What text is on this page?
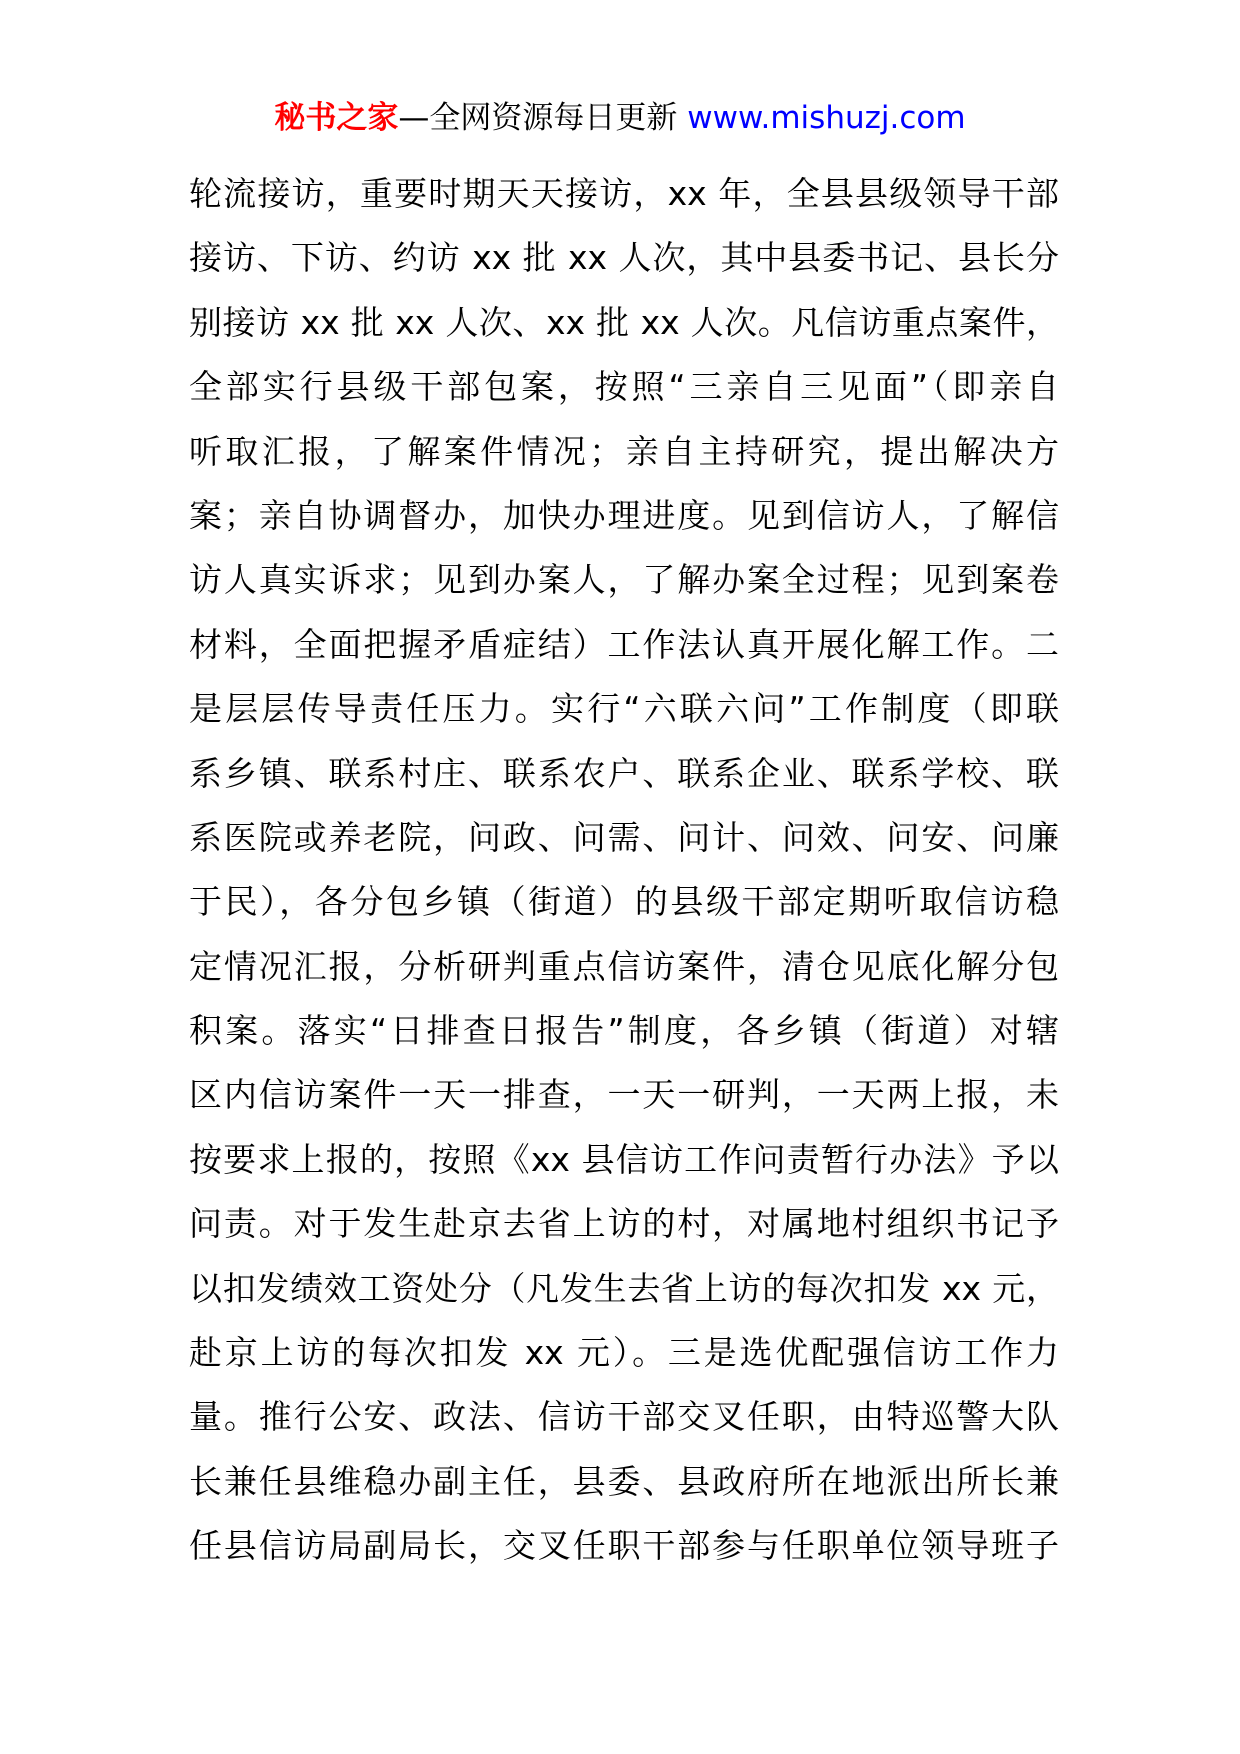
秘书之家—全网资源每日更新 www.mishuzj.com
轮流接访，重要时期天天接访，xx 年，全县县级领导干部
接访、下访、约访 xx 批 xx 人次，其中县委书记、县长分
别接访 xx 批 xx 人次、xx 批 xx 人次。凡信访重点案件，
全部实行县级干部包案，按照“三亲自三见面”（即亲自
听取汇报，了解案件情况；亲自主持研究，提出解决方
案；亲自协调督办，加快办理进度。见到信访人，了解信
访人真实诉求；见到办案人，了解办案全过程；见到案卷
材料，全面把握矛盾症结）工作法认真开展化解工作。二
是层层传导责任压力。实行“六联六问”工作制度（即联
系乡镇、联系村庄、联系农户、联系企业、联系学校、联
系医院或养老院，问政、问需、问计、问效、问安、问廉
于民），各分包乡镇（街道）的县级干部定期听取信访稳
定情况汇报，分析研判重点信访案件，清仓见底化解分包
积案。落实“日排查日报告”制度，各乡镇（街道）对辖
区内信访案件一天一排查，一天一研判，一天两上报，未
按要求上报的，按照《xx 县信访工作问责暂行办法》予以
问责。对于发生赴京去省上访的村，对属地村组织书记予
以扣发绩效工资处分（凡发生去省上访的每次扣发 xx 元，
赴京上访的每次扣发 xx 元）。三是选优配强信访工作力
量。推行公安、政法、信访干部交叉任职，由特巡警大队
长兼任县维稳办副主任，县委、县政府所在地派出所长兼
任县信访局副局长，交叉任职干部参与任职单位领导班子
